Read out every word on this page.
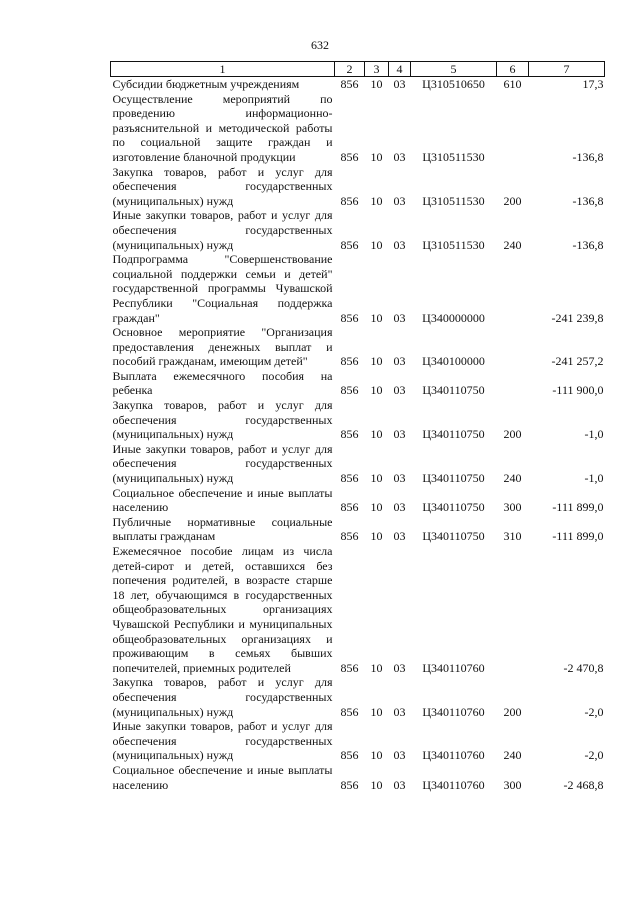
632
1	2	3	4	5	6	7
Субсидии бюджетным учреждениям	856	10	03	Ц310510650	610	17,3
Осуществление мероприятий по проведению информационно-разъяснительной и методической работы по социальной защите граждан и изготовление бланочной продукции	856	10	03	Ц310511530		-136,8
Закупка товаров, работ и услуг для обеспечения государственных (муниципальных) нужд	856	10	03	Ц310511530	200	-136,8
Иные закупки товаров, работ и услуг для обеспечения государственных (муниципальных) нужд	856	10	03	Ц310511530	240	-136,8
Подпрограмма "Совершенствование социальной поддержки семьи и детей" государственной программы Чувашской Республики "Социальная поддержка граждан"	856	10	03	Ц340000000		-241 239,8
Основное мероприятие "Организация предоставления денежных выплат и пособий гражданам, имеющим детей"	856	10	03	Ц340100000		-241 257,2
Выплата ежемесячного пособия на ребенка	856	10	03	Ц340110750		-111 900,0
Закупка товаров, работ и услуг для обеспечения государственных (муниципальных) нужд	856	10	03	Ц340110750	200	-1,0
Иные закупки товаров, работ и услуг для обеспечения государственных (муниципальных) нужд	856	10	03	Ц340110750	240	-1,0
Социальное обеспечение и иные выплаты населению	856	10	03	Ц340110750	300	-111 899,0
Публичные нормативные социальные выплаты гражданам	856	10	03	Ц340110750	310	-111 899,0
Ежемесячное пособие лицам из числа детей-сирот и детей, оставшихся без попечения родителей, в возрасте старше 18 лет, обучающимся в государственных общеобразовательных организациях Чувашской Республики и муниципальных общеобразовательных организациях и проживающим в семьях бывших попечителей, приемных родителей	856	10	03	Ц340110760		-2 470,8
Закупка товаров, работ и услуг для обеспечения государственных (муниципальных) нужд	856	10	03	Ц340110760	200	-2,0
Иные закупки товаров, работ и услуг для обеспечения государственных (муниципальных) нужд	856	10	03	Ц340110760	240	-2,0
Социальное обеспечение и иные выплаты населению	856	10	03	Ц340110760	300	-2 468,8
